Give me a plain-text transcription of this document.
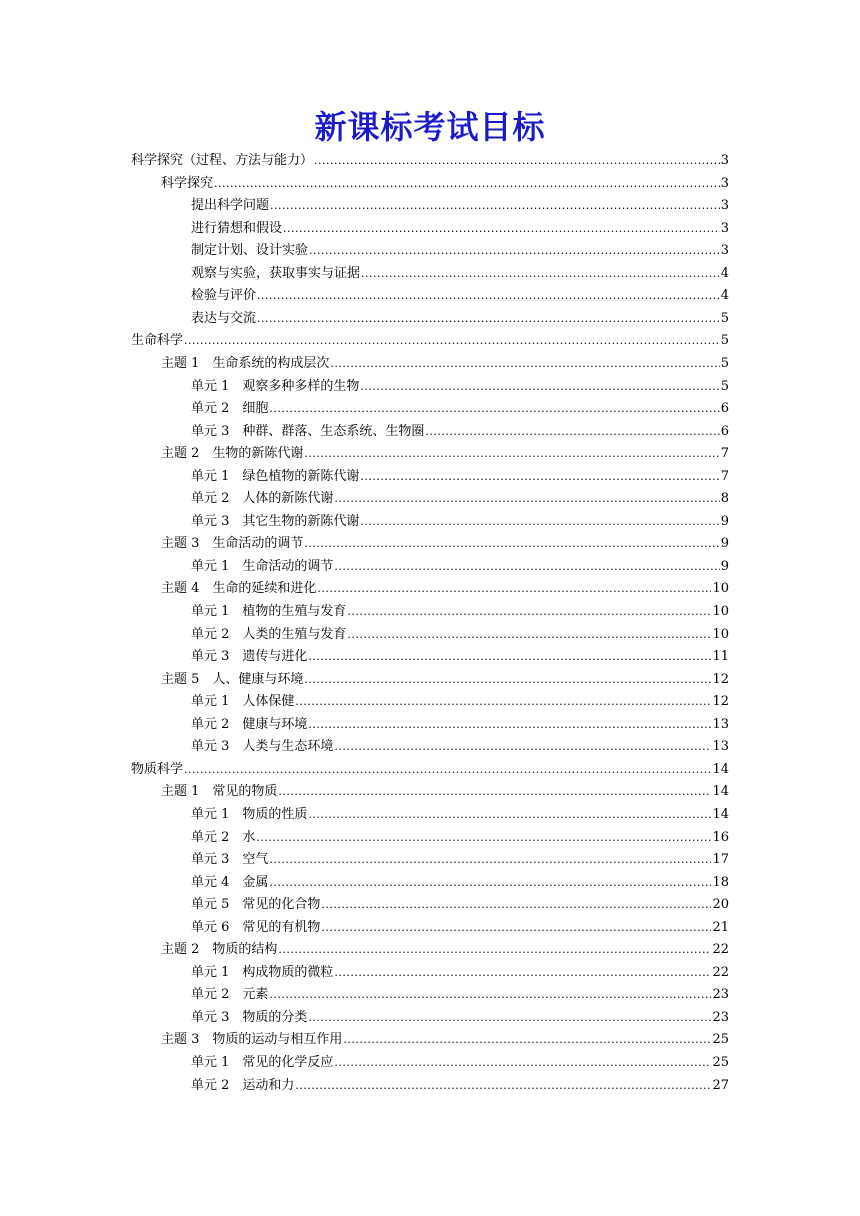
新课标考试目标
科学探究（过程、方法与能力） .....	3
科学探究 .....	3
提出科学问题 .....	3
进行猜想和假设 .....	3
制定计划、设计实验 .....	3
观察与实验，获取事实与证据 .....	4
检验与评价 .....	4
表达与交流 .....	5
生命科学 .....	5
主题 1　生命系统的构成层次 .....	5
单元 1　观察多种多样的生物 .....	5
单元 2　细胞 .....	6
单元 3　种群、群落、生态系统、生物圈 .....	6
主题 2　生物的新陈代谢 .....	7
单元 1　绿色植物的新陈代谢 .....	7
单元 2　人体的新陈代谢 .....	8
单元 3　其它生物的新陈代谢 .....	9
主题 3　生命活动的调节 .....	9
单元 1　生命活动的调节 .....	9
主题 4　生命的延续和进化 .....	10
单元 1　植物的生殖与发育 .....	10
单元 2　人类的生殖与发育 .....	10
单元 3　遗传与进化 .....	11
主题 5　人、健康与环境 .....	12
单元 1　人体保健 .....	12
单元 2　健康与环境 .....	13
单元 3　人类与生态环境 .....	13
物质科学 .....	14
主题 1　常见的物质 .....	14
单元 1　物质的性质 .....	14
单元 2　水 .....	16
单元 3　空气 .....	17
单元 4　金属 .....	18
单元 5　常见的化合物 .....	20
单元 6　常见的有机物 .....	21
主题 2　物质的结构 .....	22
单元 1　构成物质的微粒 .....	22
单元 2　元素 .....	23
单元 3　物质的分类 .....	23
主题 3　物质的运动与相互作用 .....	25
单元 1　常见的化学反应 .....	25
单元 2　运动和力 .....	27
